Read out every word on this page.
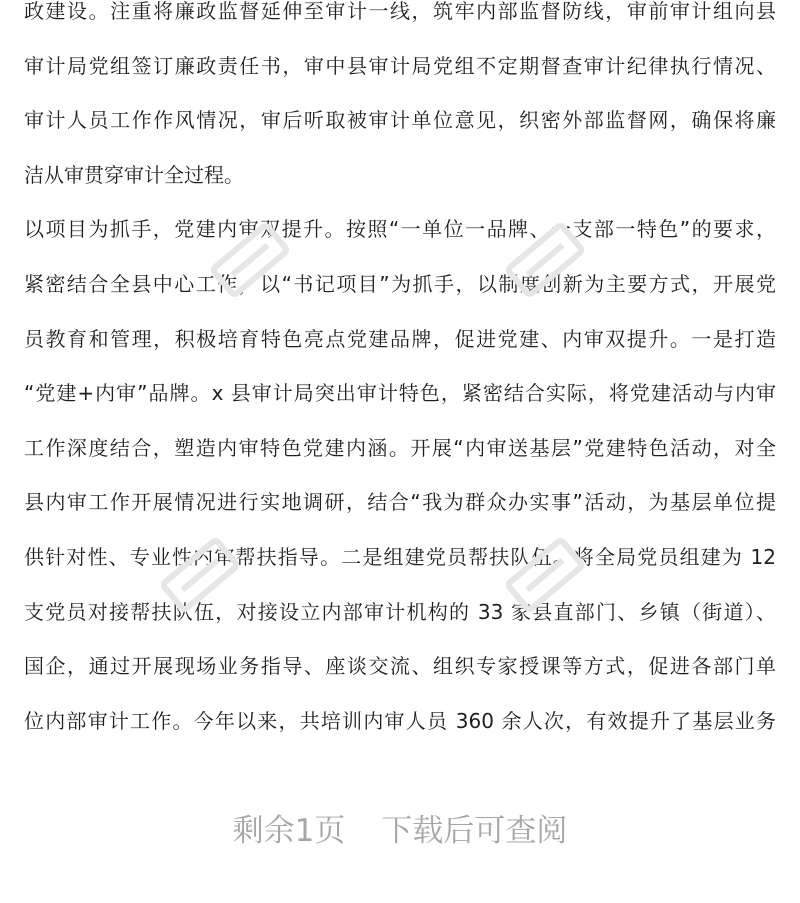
政建设。注重将廉政监督延伸至审计一线，筑牢内部监督防线，审前审计组向县
审计局党组签订廉政责任书，审中县审计局党组不定期督查审计纪律执行情况、
审计人员工作作风情况，审后听取被审计单位意见，织密外部监督网，确保将廉
洁从审贯穿审计全过程。
以项目为抓手，党建内审双提升。按照“一单位一品牌、一支部一特色”的要求，
紧密结合全县中心工作，以“书记项目”为抓手，以制度创新为主要方式，开展党
员教育和管理，积极培育特色亮点党建品牌，促进党建、内审双提升。一是打造
“党建+内审”品牌。x 县审计局突出审计特色，紧密结合实际，将党建活动与内审
工作深度结合，塑造内审特色党建内涵。开展“内审送基层”党建特色活动，对全
县内审工作开展情况进行实地调研，结合“我为群众办实事”活动，为基层单位提
供针对性、专业性内审帮扶指导。二是组建党员帮扶队伍。将全局党员组建为 12
支党员对接帮扶队伍，对接设立内部审计机构的 33 家县直部门、乡镇（街道）、
国企，通过开展现场业务指导、座谈交流、组织专家授课等方式，促进各部门单
位内部审计工作。今年以来，共培训内审人员 360 余人次，有效提升了基层业务
剩余1页 下载后可查阅
